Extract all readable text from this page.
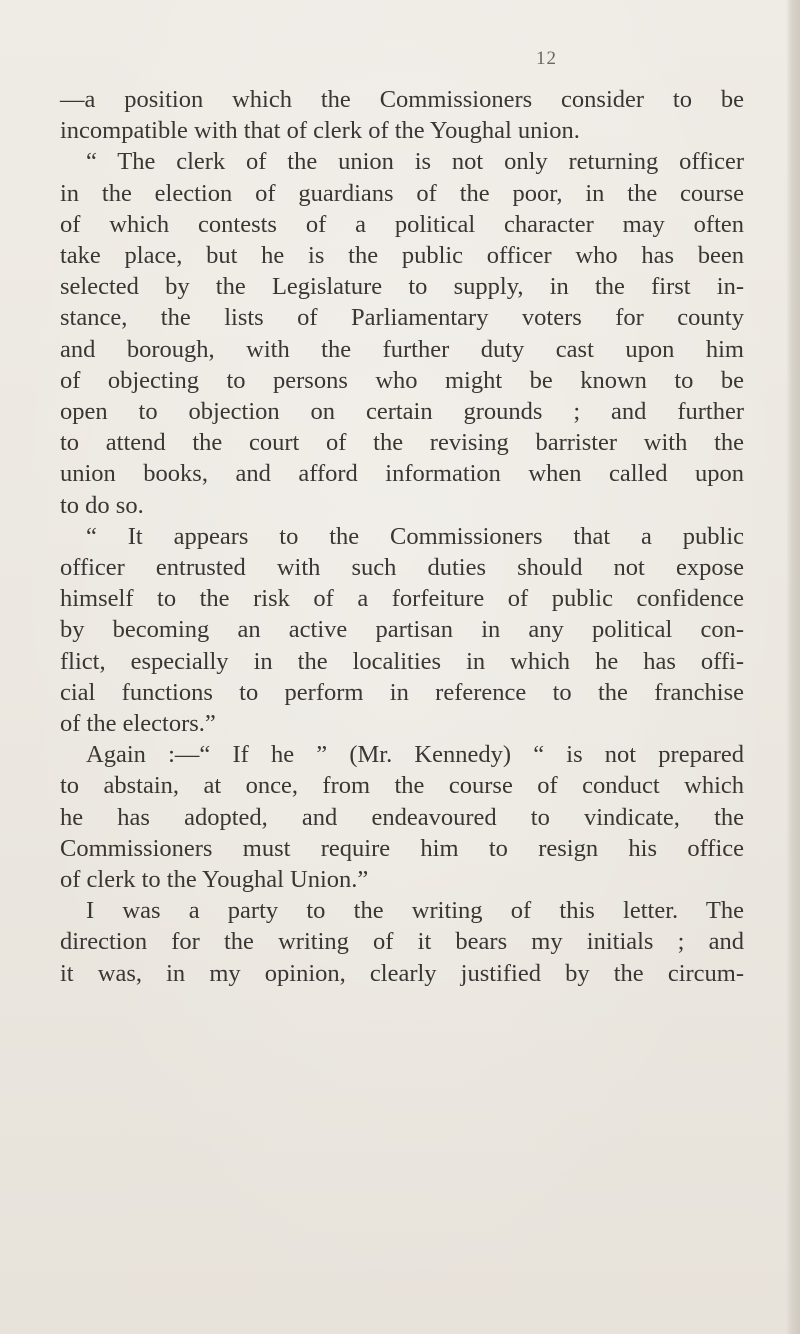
12
—a position which the Commissioners consider to be
incompatible with that of clerk of the Youghal union.
“ The clerk of the union is not only returning officer
in the election of guardians of the poor, in the course
of which contests of a political character may often
take place, but he is the public officer who has been
selected by the Legislature to supply, in the first in-
stance, the lists of Parliamentary voters for county
and borough, with the further duty cast upon him
of objecting to persons who might be known to be
open to objection on certain grounds ; and further
to attend the court of the revising barrister with the
union books, and afford information when called upon
to do so.
“ It appears to the Commissioners that a public
officer entrusted with such duties should not expose
himself to the risk of a forfeiture of public confidence
by becoming an active partisan in any political con-
flict, especially in the localities in which he has offi-
cial functions to perform in reference to the franchise
of the electors.”
Again :—“ If he ” (Mr. Kennedy) “ is not prepared
to abstain, at once, from the course of conduct which
he has adopted, and endeavoured to vindicate, the
Commissioners must require him to resign his office
of clerk to the Youghal Union.”
I was a party to the writing of this letter. The
direction for the writing of it bears my initials ; and
it was, in my opinion, clearly justified by the circum-
